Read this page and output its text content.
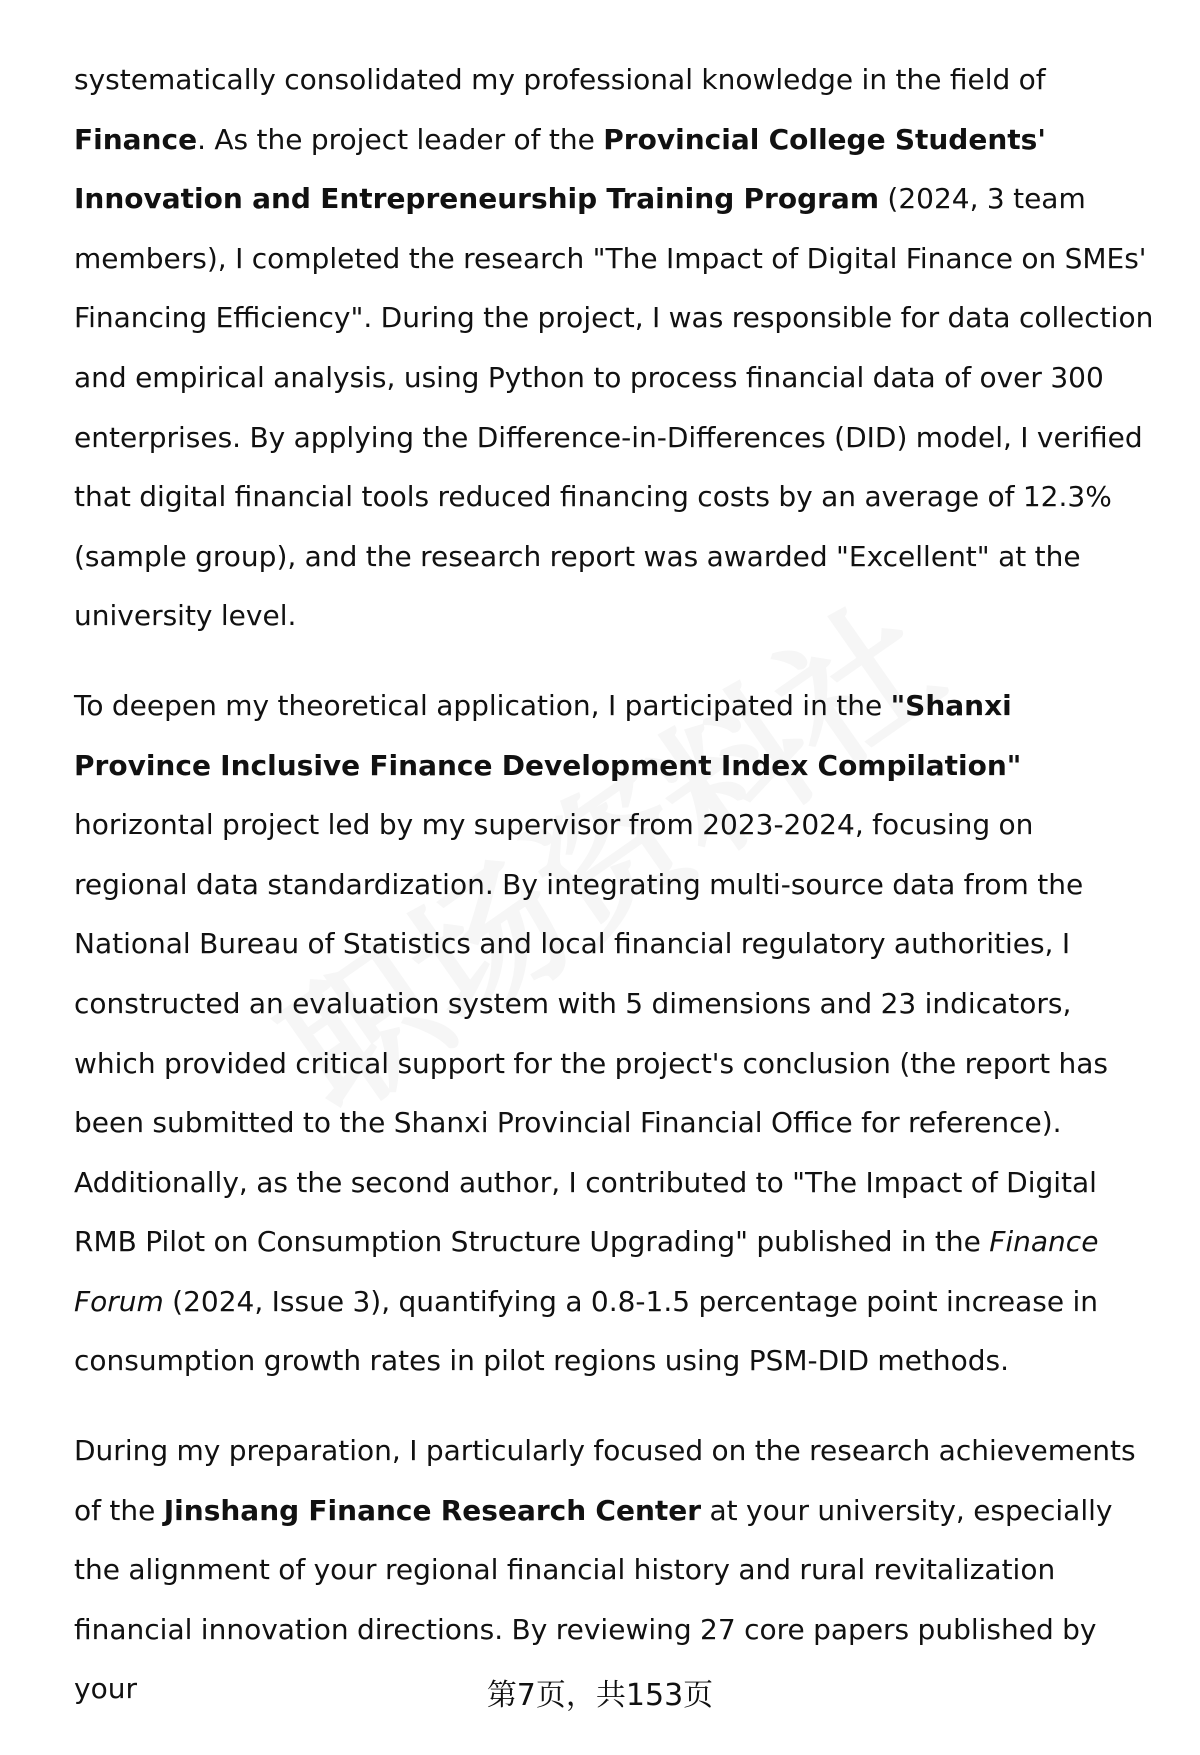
systematically consolidated my professional knowledge in the field of Finance. As the project leader of the Provincial College Students' Innovation and Entrepreneurship Training Program (2024, 3 team members), I completed the research "The Impact of Digital Finance on SMEs' Financing Efficiency". During the project, I was responsible for data collection and empirical analysis, using Python to process financial data of over 300 enterprises. By applying the Difference-in-Differences (DID) model, I verified that digital financial tools reduced financing costs by an average of 12.3% (sample group), and the research report was awarded "Excellent" at the university level.

To deepen my theoretical application, I participated in the "Shanxi Province Inclusive Finance Development Index Compilation" horizontal project led by my supervisor from 2023-2024, focusing on regional data standardization. By integrating multi-source data from the National Bureau of Statistics and local financial regulatory authorities, I constructed an evaluation system with 5 dimensions and 23 indicators, which provided critical support for the project's conclusion (the report has been submitted to the Shanxi Provincial Financial Office for reference). Additionally, as the second author, I contributed to "The Impact of Digital RMB Pilot on Consumption Structure Upgrading" published in the Finance Forum (2024, Issue 3), quantifying a 0.8-1.5 percentage point increase in consumption growth rates in pilot regions using PSM-DID methods.

During my preparation, I particularly focused on the research achievements of the Jinshang Finance Research Center at your university, especially the alignment of your regional financial history and rural revitalization financial innovation directions. By reviewing 27 core papers published by your	第7页，共153页
